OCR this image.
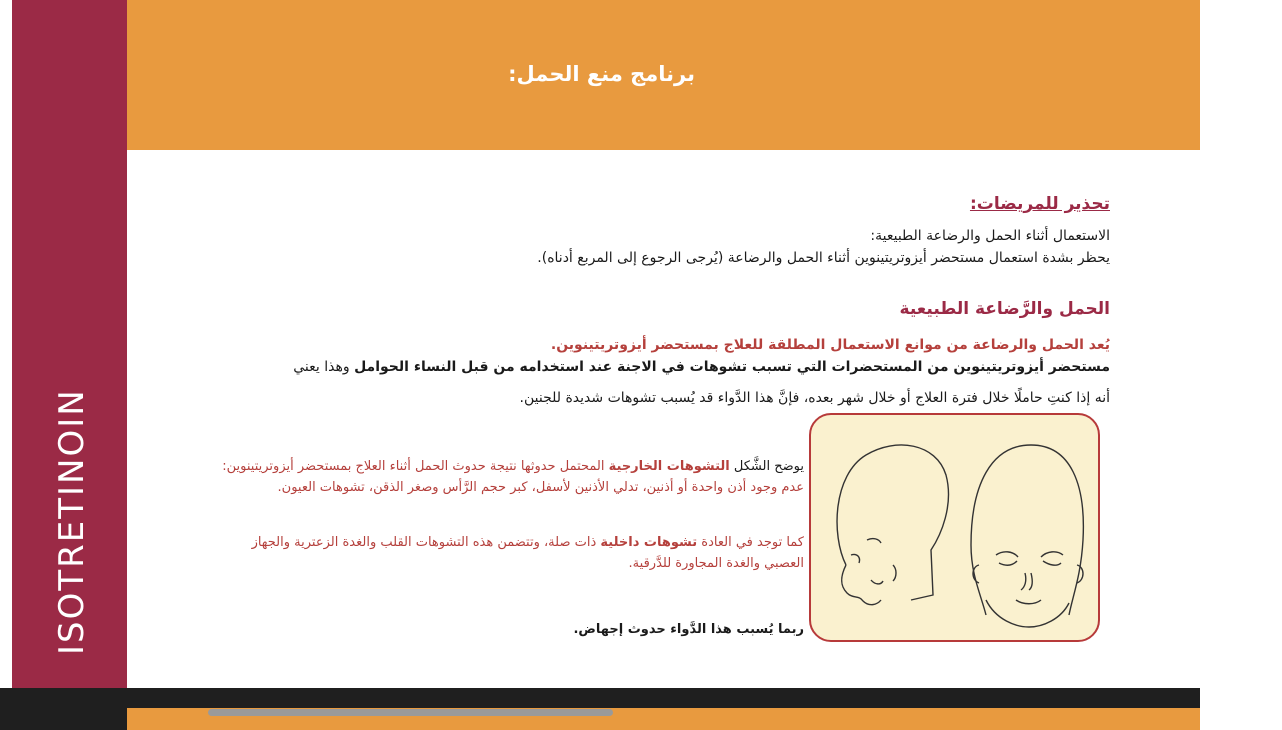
ISOTRETINOIN
برنامج منع الحمل:
Roche
تحذير للمريضات:
الاستعمال أثناء الحمل والرضاعة الطبيعية:
يحظر بشدة استعمال مستحضر أيزوتريتينوين أثناء الحمل والرضاعة (يُرجى الرجوع إلى المربع أدناه).
الحمل والرَّضاعة الطبيعية
يُعد الحمل والرضاعة من موانع الاستعمال المطلقة للعلاج بمستحضر أيزوتريتينوين.
مستحضر أيزوتريتينوين من المستحضرات التي تسبب تشوهات في الاجنة عند استخدامه من قبل النساء الحوامل وهذا يعني
أنه إذا كنتِ حاملًا خلال فترة العلاج أو خلال شهر بعده، فإنَّ هذا الدَّواء قد يُسبب تشوهات شديدة للجنين.
يوضح الشَّكل التشوهات الخارجية المحتمل حدوثها نتيجة حدوث الحمل أثناء العلاج بمستحضر أيزوتريتينوين: عدم وجود أذن واحدة أو أذنين، تدلي الأذنين لأسفل، كبر حجم الرَّأس وصغر الذقن، تشوهات العيون.
كما توجد في العادة تشوهات داخلية ذات صلة، وتتضمن هذه التشوهات القلب والغدة الزعترية والجهاز العصبي والغدة المجاورة للدَّرقية.
ربما يُسبب هذا الدَّواء حدوث إجهاض.
